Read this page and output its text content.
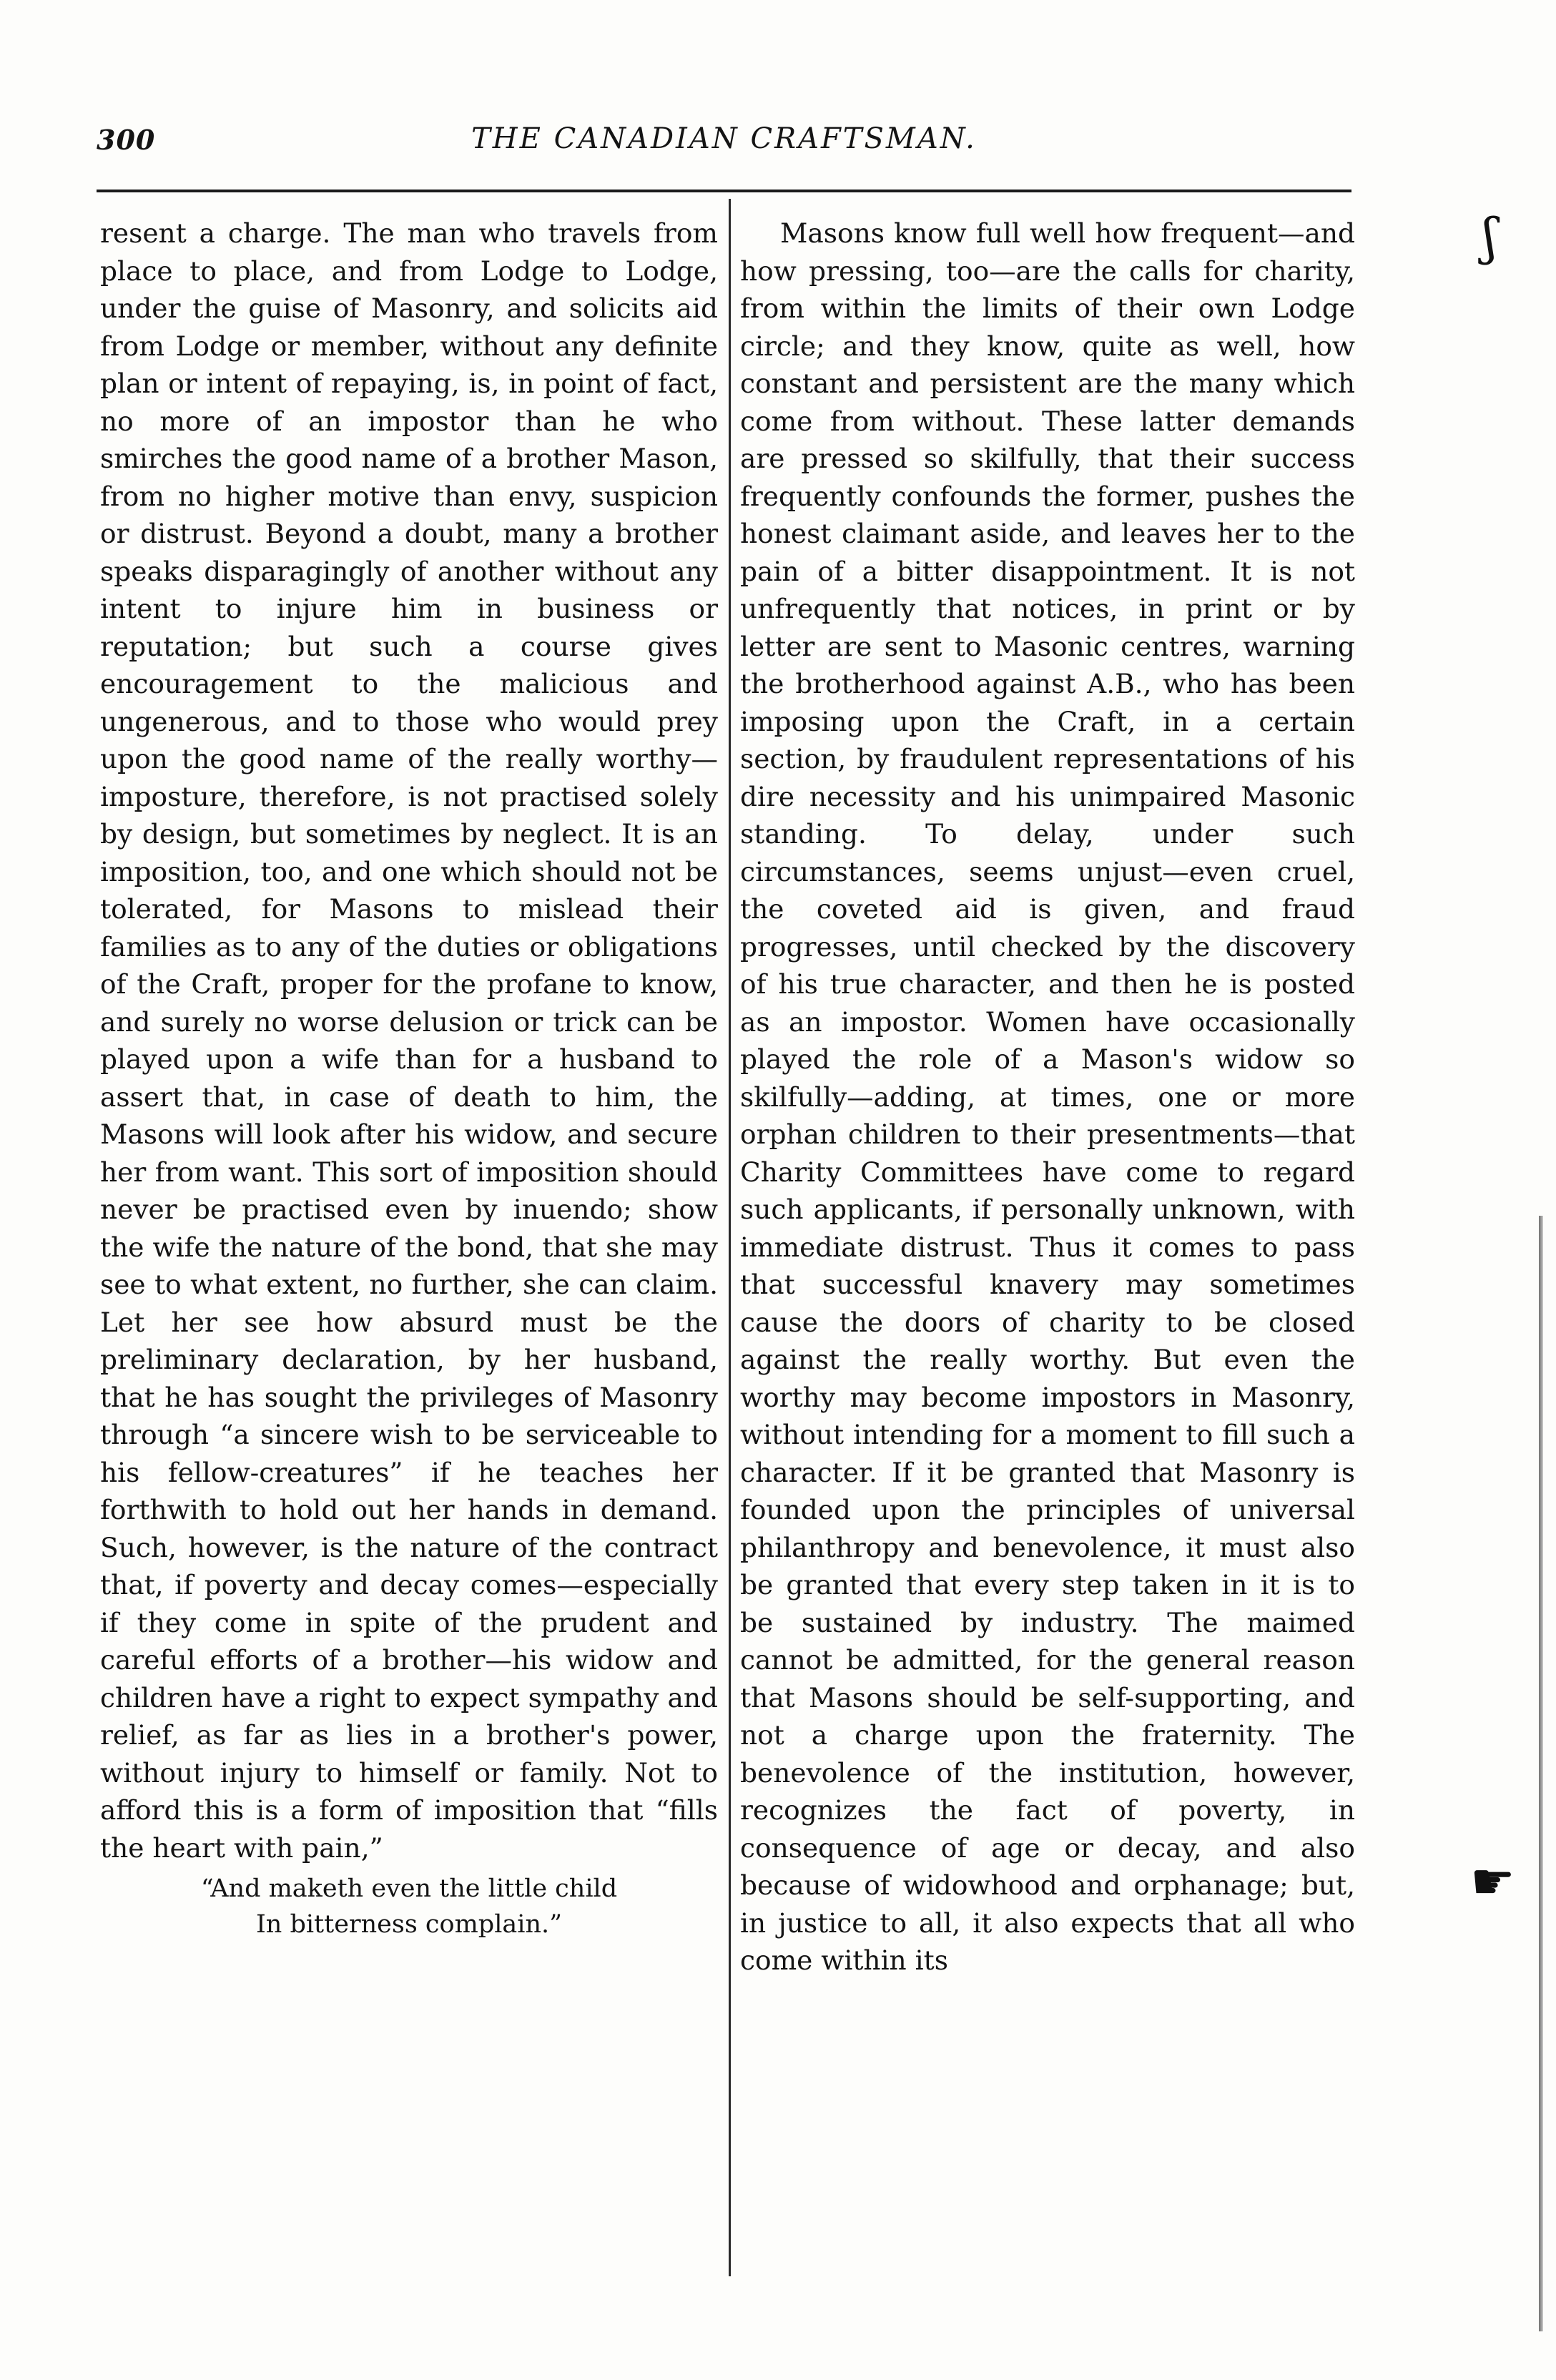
300	THE CANADIAN CRAFTSMAN.

resent a charge. The man who travels from place to place, and from Lodge to Lodge, under the guise of Masonry, and solicits aid from Lodge or member, without any definite plan or intent of repaying, is, in point of fact, no more of an impostor than he who smirches the good name of a brother Mason, from no higher motive than envy, suspicion or distrust. Beyond a doubt, many a brother speaks disparagingly of another without any intent to injure him in business or reputation; but such a course gives encouragement to the malicious and ungenerous, and to those who would prey upon the good name of the really worthy—imposture, therefore, is not practised solely by design, but sometimes by neglect. It is an imposition, too, and one which should not be tolerated, for Masons to mislead their families as to any of the duties or obligations of the Craft, proper for the profane to know, and surely no worse delusion or trick can be played upon a wife than for a husband to assert that, in case of death to him, the Masons will look after his widow, and secure her from want. This sort of imposition should never be practised even by inuendo; show the wife the nature of the bond, that she may see to what extent, no further, she can claim. Let her see how absurd must be the preliminary declaration, by her husband, that he has sought the privileges of Masonry through “a sincere wish to be serviceable to his fellow-creatures” if he teaches her forthwith to hold out her hands in demand. Such, however, is the nature of the contract that, if poverty and decay comes—especially if they come in spite of the prudent and careful efforts of a brother—his widow and children have a right to expect sympathy and relief, as far as lies in a brother's power, without injury to himself or family. Not to afford this is a form of imposition that “fills the heart with pain,”

“And maketh even the little child
In bitterness complain.”

Masons know full well how frequent—and how pressing, too—are the calls for charity, from within the limits of their own Lodge circle; and they know, quite as well, how constant and persistent are the many which come from without. These latter demands are pressed so skilfully, that their success frequently confounds the former, pushes the honest claimant aside, and leaves her to the pain of a bitter disappointment. It is not unfrequently that notices, in print or by letter are sent to Masonic centres, warning the brotherhood against A.B., who has been imposing upon the Craft, in a certain section, by fraudulent representations of his dire necessity and his unimpaired Masonic standing. To delay, under such circumstances, seems unjust—even cruel, the coveted aid is given, and fraud progresses, until checked by the discovery of his true character, and then he is posted as an impostor. Women have occasionally played the role of a Mason's widow so skilfully—adding, at times, one or more orphan children to their presentments—that Charity Committees have come to regard such applicants, if personally unknown, with immediate distrust. Thus it comes to pass that successful knavery may sometimes cause the doors of charity to be closed against the really worthy. But even the worthy may become impostors in Masonry, without intending for a moment to fill such a character. If it be granted that Masonry is founded upon the principles of universal philanthropy and benevolence, it must also be granted that every step taken in it is to be sustained by industry. The maimed cannot be admitted, for the general reason that Masons should be self-supporting, and not a charge upon the fraternity. The benevolence of the institution, however, recognizes the fact of poverty, in consequence of age or decay, and also because of widowhood and orphanage; but, in justice to all, it also expects that all who come within its

ʃ
☛
